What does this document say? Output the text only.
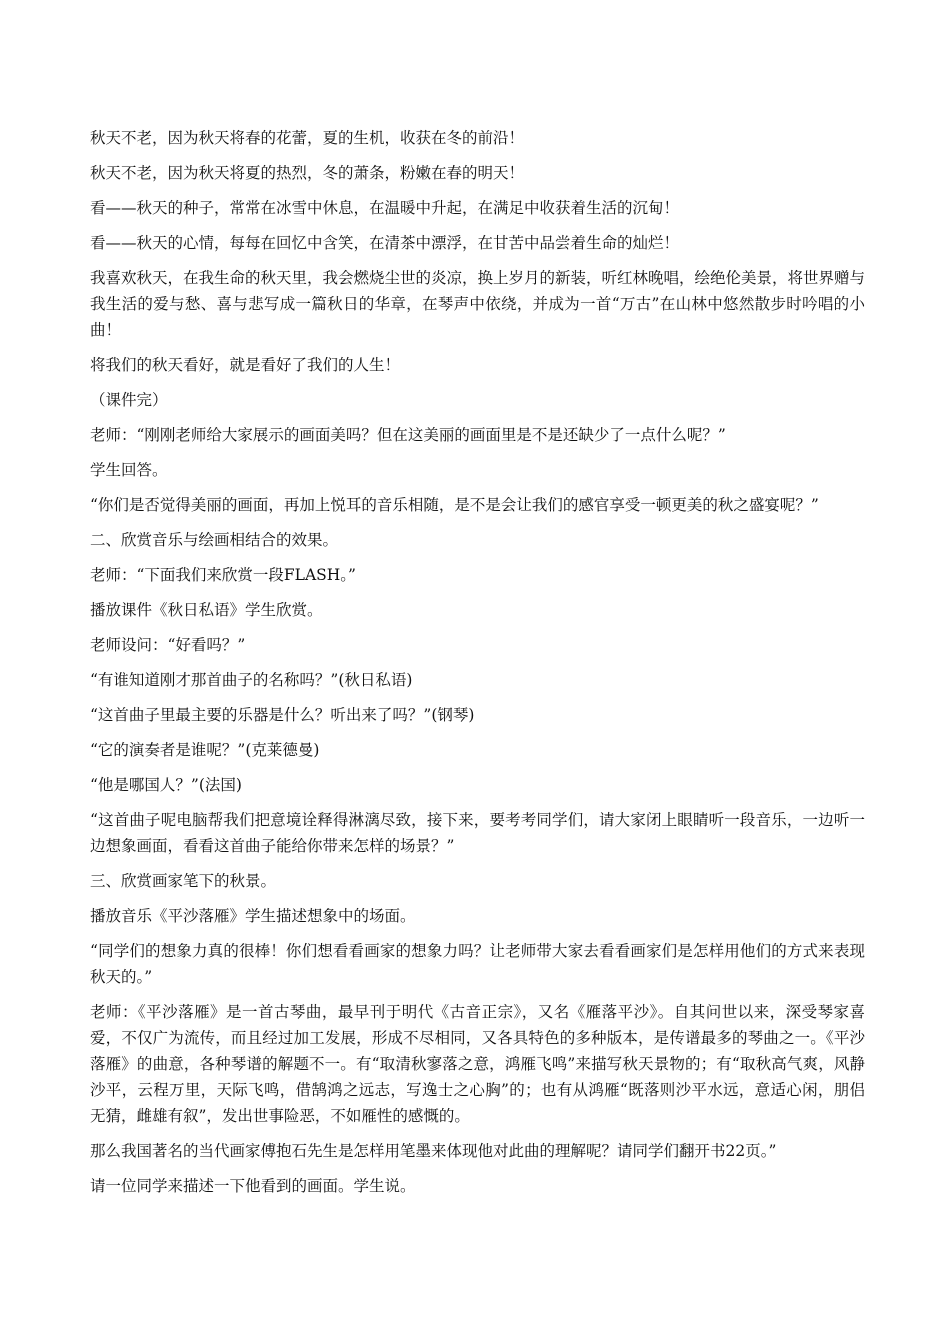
秋天不老，因为秋天将春的花蕾，夏的生机，收获在冬的前沿！

秋天不老，因为秋天将夏的热烈，冬的萧条，粉嫩在春的明天！

看——秋天的种子，常常在冰雪中休息，在温暖中升起，在满足中收获着生活的沉甸！

看——秋天的心情，每每在回忆中含笑，在清茶中漂浮，在甘苦中品尝着生命的灿烂！

我喜欢秋天，在我生命的秋天里，我会燃烧尘世的炎凉，换上岁月的新装，听红林晚唱，绘绝伦美景，将世界赠与我生活的爱与愁、喜与悲写成一篇秋日的华章，在琴声中依绕，并成为一首“万古”在山林中悠然散步时吟唱的小曲！

将我们的秋天看好，就是看好了我们的人生！

（课件完）

老师：“刚刚老师给大家展示的画面美吗？但在这美丽的画面里是不是还缺少了一点什么呢？”

学生回答。

“你们是否觉得美丽的画面，再加上悦耳的音乐相随，是不是会让我们的感官享受一顿更美的秋之盛宴呢？”

二、欣赏音乐与绘画相结合的效果。

老师：“下面我们来欣赏一段FLASH。”

播放课件《秋日私语》学生欣赏。

老师设问：“好看吗？”

“有谁知道刚才那首曲子的名称吗？”(秋日私语)

“这首曲子里最主要的乐器是什么？听出来了吗？”(钢琴)

“它的演奏者是谁呢？”(克莱德曼)

“他是哪国人？”(法国)

“这首曲子呢电脑帮我们把意境诠释得淋漓尽致，接下来，要考考同学们，请大家闭上眼睛听一段音乐，一边听一边想象画面，看看这首曲子能给你带来怎样的场景？”

三、欣赏画家笔下的秋景。

播放音乐《平沙落雁》学生描述想象中的场面。

“同学们的想象力真的很棒！你们想看看画家的想象力吗？让老师带大家去看看画家们是怎样用他们的方式来表现秋天的。”

老师：《平沙落雁》是一首古琴曲，最早刊于明代《古音正宗》，又名《雁落平沙》。自其问世以来，深受琴家喜爱，不仅广为流传，而且经过加工发展，形成不尽相同，又各具特色的多种版本，是传谱最多的琴曲之一。《平沙落雁》的曲意，各种琴谱的解题不一。有“取清秋寥落之意，鸿雁飞鸣”来描写秋天景物的；有“取秋高气爽，风静沙平，云程万里，天际飞鸣，借鹄鸿之远志，写逸士之心胸”的；也有从鸿雁“既落则沙平水远，意适心闲，朋侣无猜，雌雄有叙”，发出世事险恶，不如雁性的感慨的。

那么我国著名的当代画家傅抱石先生是怎样用笔墨来体现他对此曲的理解呢？请同学们翻开书22页。”

请一位同学来描述一下他看到的画面。学生说。
